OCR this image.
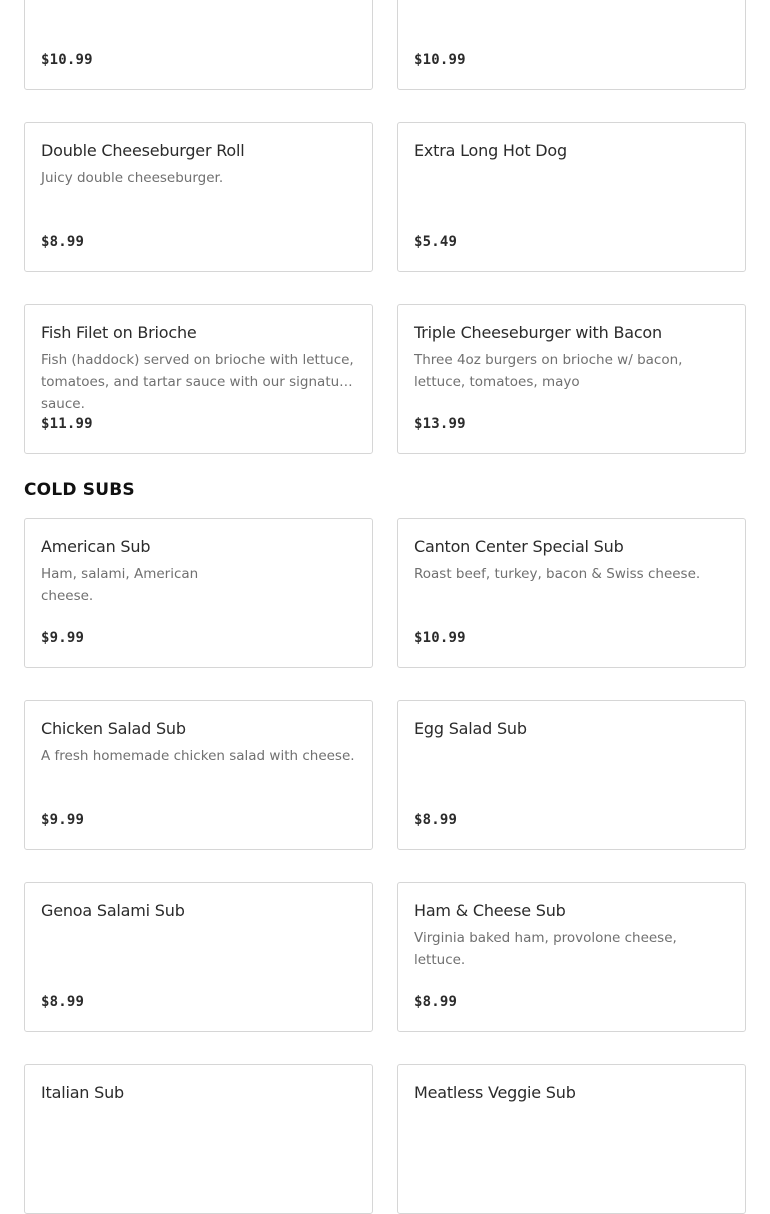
$10.99	$10.99
Double Cheeseburger Roll
Juicy double cheeseburger.
$8.99
Extra Long Hot Dog
$5.49
Fish Filet on Brioche
Fish (haddock) served on brioche with lettuce, tomatoes, and tartar sauce with our signature sauce.
$11.99
Triple Cheeseburger with Bacon
Three 4oz burgers on brioche w/ bacon, lettuce, tomatoes, mayo
$13.99
COLD SUBS
American Sub
Ham, salami, American cheese.
$9.99
Canton Center Special Sub
Roast beef, turkey, bacon & Swiss cheese.
$10.99
Chicken Salad Sub
A fresh homemade chicken salad with cheese.
$9.99
Egg Salad Sub
$8.99
Genoa Salami Sub
$8.99
Ham & Cheese Sub
Virginia baked ham, provolone cheese, lettuce.
$8.99
Italian Sub	Meatless Veggie Sub
